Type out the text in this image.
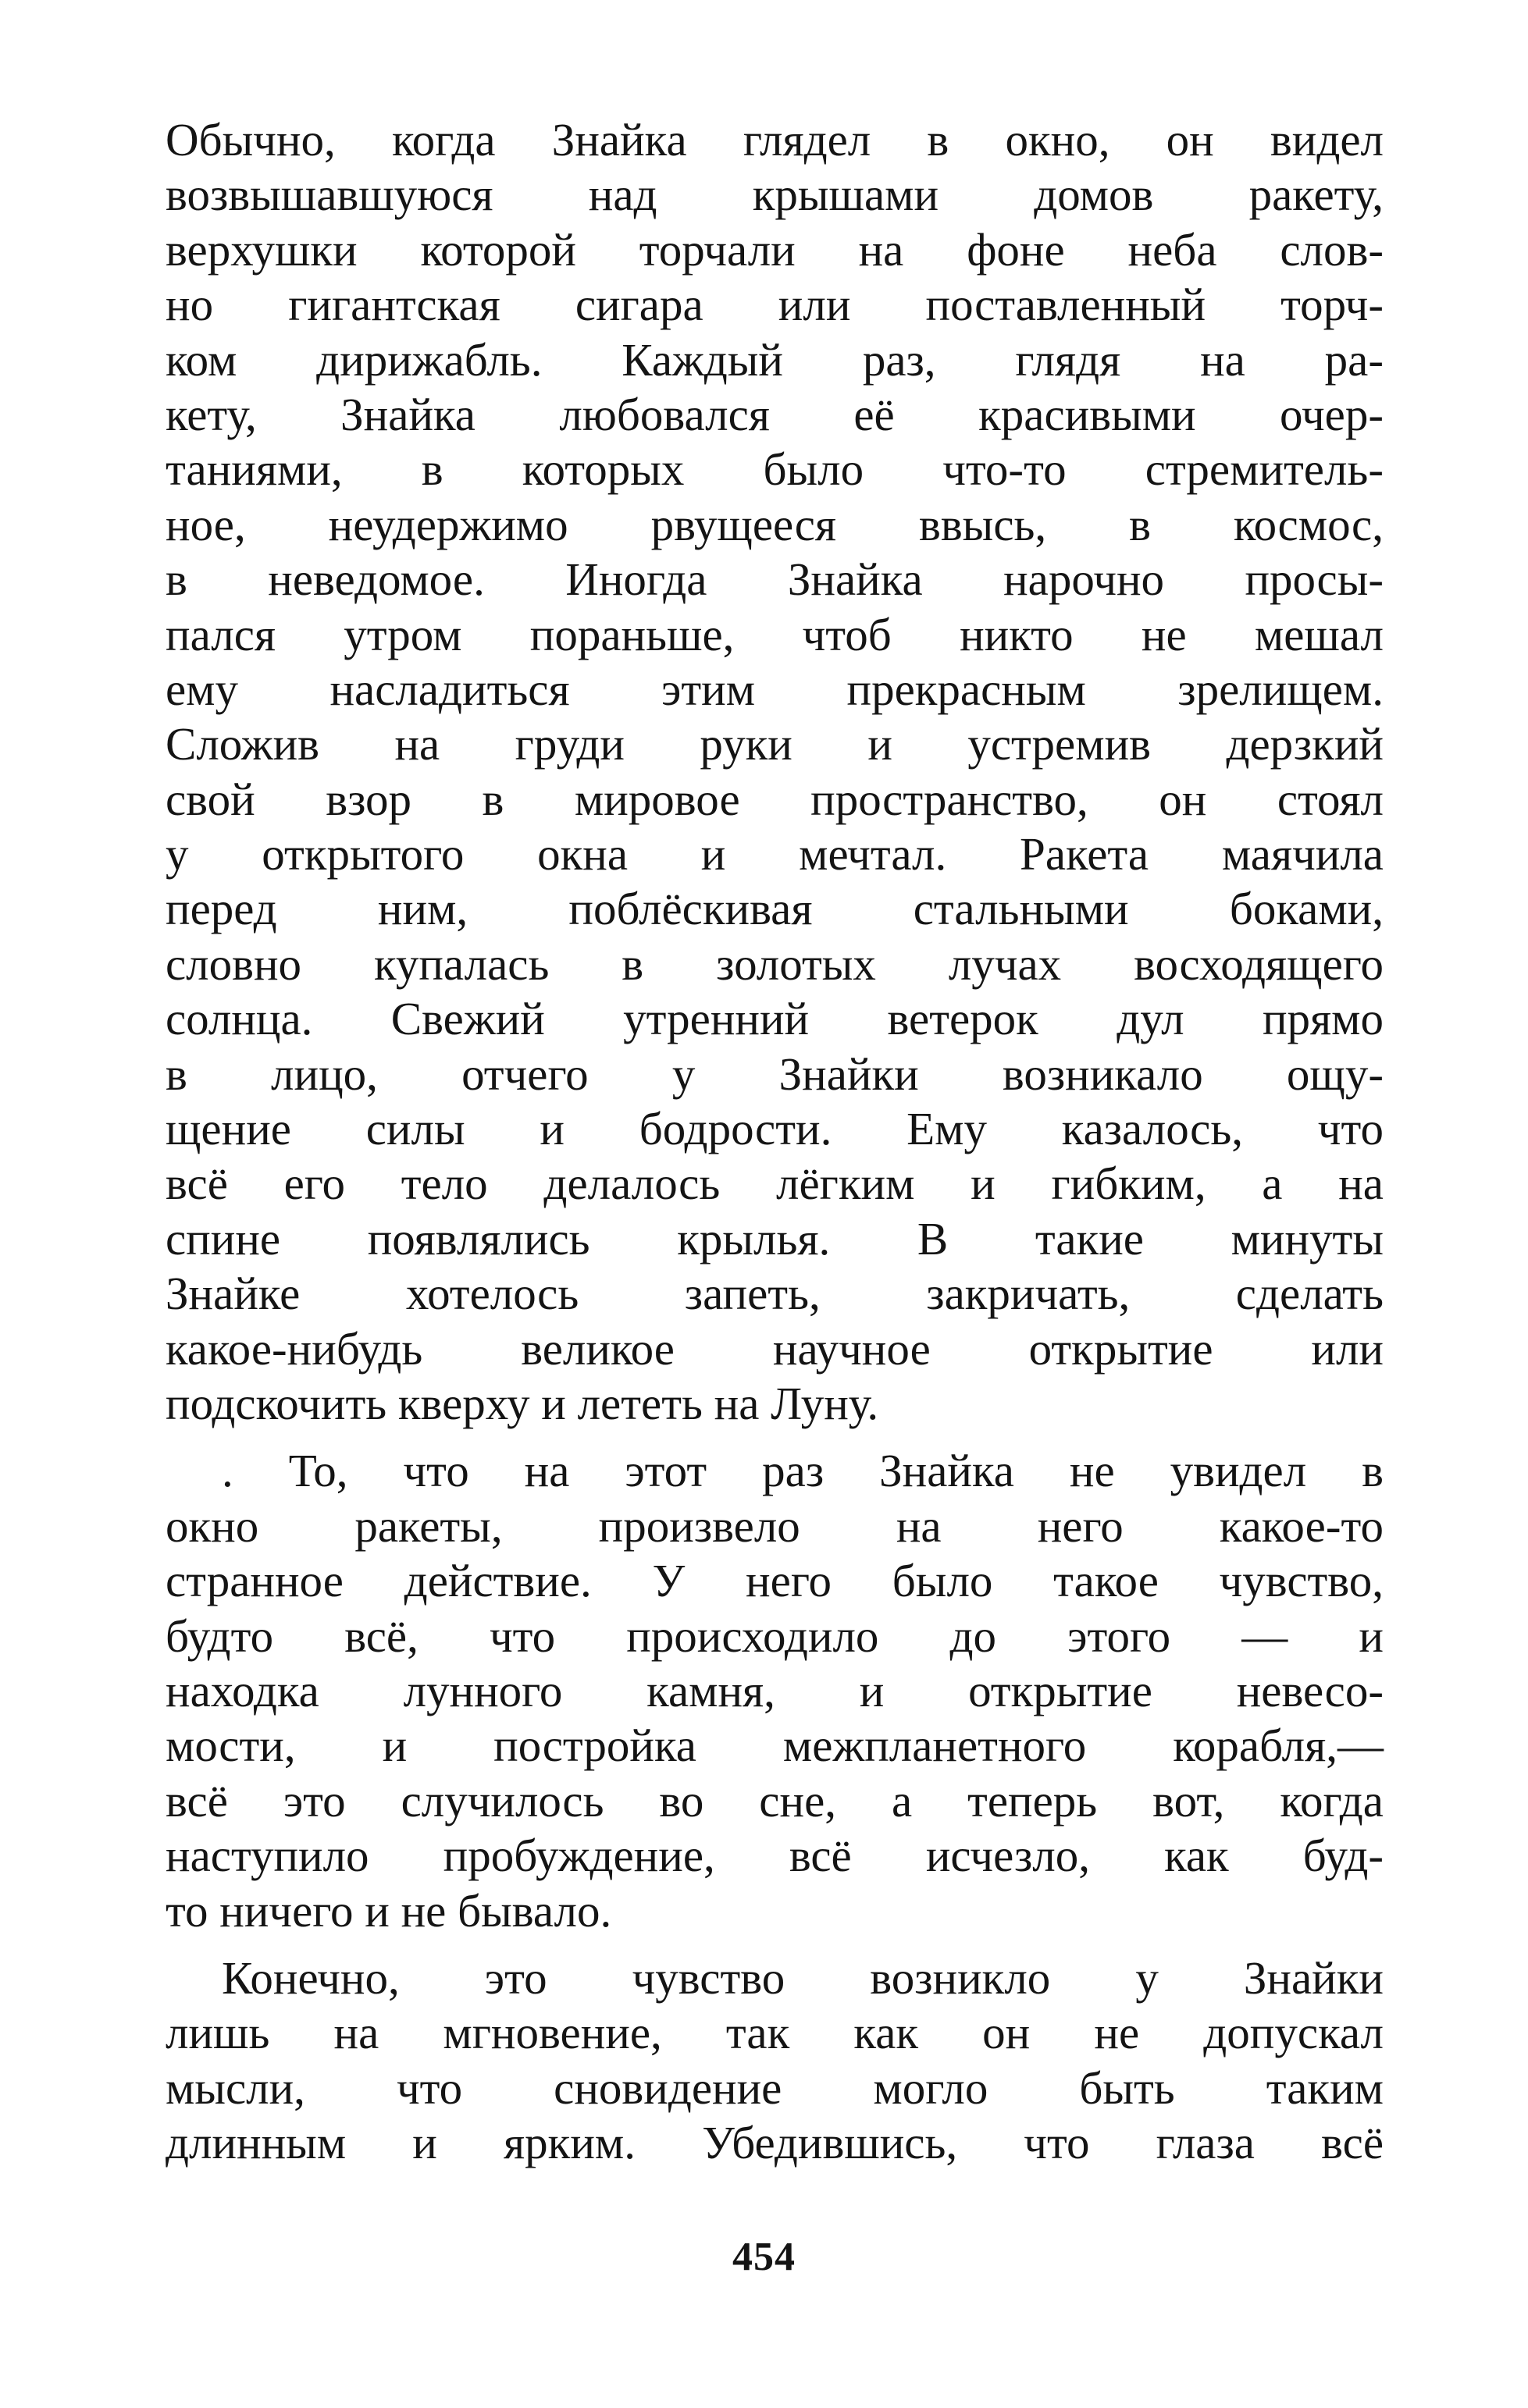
Обычно, когда Знайка глядел в окно, он видел
возвышавшуюся над крышами домов ракету,
верхушки которой торчали на фоне неба слов-
но гигантская сигара или поставленный торч-
ком дирижабль. Каждый раз, глядя на ра-
кету, Знайка любовался её красивыми очер-
таниями, в которых было что-то стремитель-
ное, неудержимо рвущееся ввысь, в космос,
в неведомое. Иногда Знайка нарочно просы-
пался утром пораньше, чтоб никто не мешал
ему насладиться этим прекрасным зрелищем.
Сложив на груди руки и устремив дерзкий
свой взор в мировое пространство, он стоял
у открытого окна и мечтал. Ракета маячила
перед ним, поблёскивая стальными боками,
словно купалась в золотых лучах восходящего
солнца. Свежий утренний ветерок дул прямо
в лицо, отчего у Знайки возникало ощу-
щение силы и бодрости. Ему казалось, что
всё его тело делалось лёгким и гибким, а на
спине появлялись крылья. В такие минуты
Знайке хотелось запеть, закричать, сделать
какое-нибудь великое научное открытие или
подскочить кверху и лететь на Луну.
. То, что на этот раз Знайка не увидел в
окно ракеты, произвело на него какое-то
странное действие. У него было такое чувство,
будто всё, что происходило до этого — и
находка лунного камня, и открытие невесо-
мости, и постройка межпланетного корабля,—
всё это случилось во сне, а теперь вот, когда
наступило пробуждение, всё исчезло, как буд-
то ничего и не бывало.
Конечно, это чувство возникло у Знайки
лишь на мгновение, так как он не допускал
мысли, что сновидение могло быть таким
длинным и ярким. Убедившись, что глаза всё
454
